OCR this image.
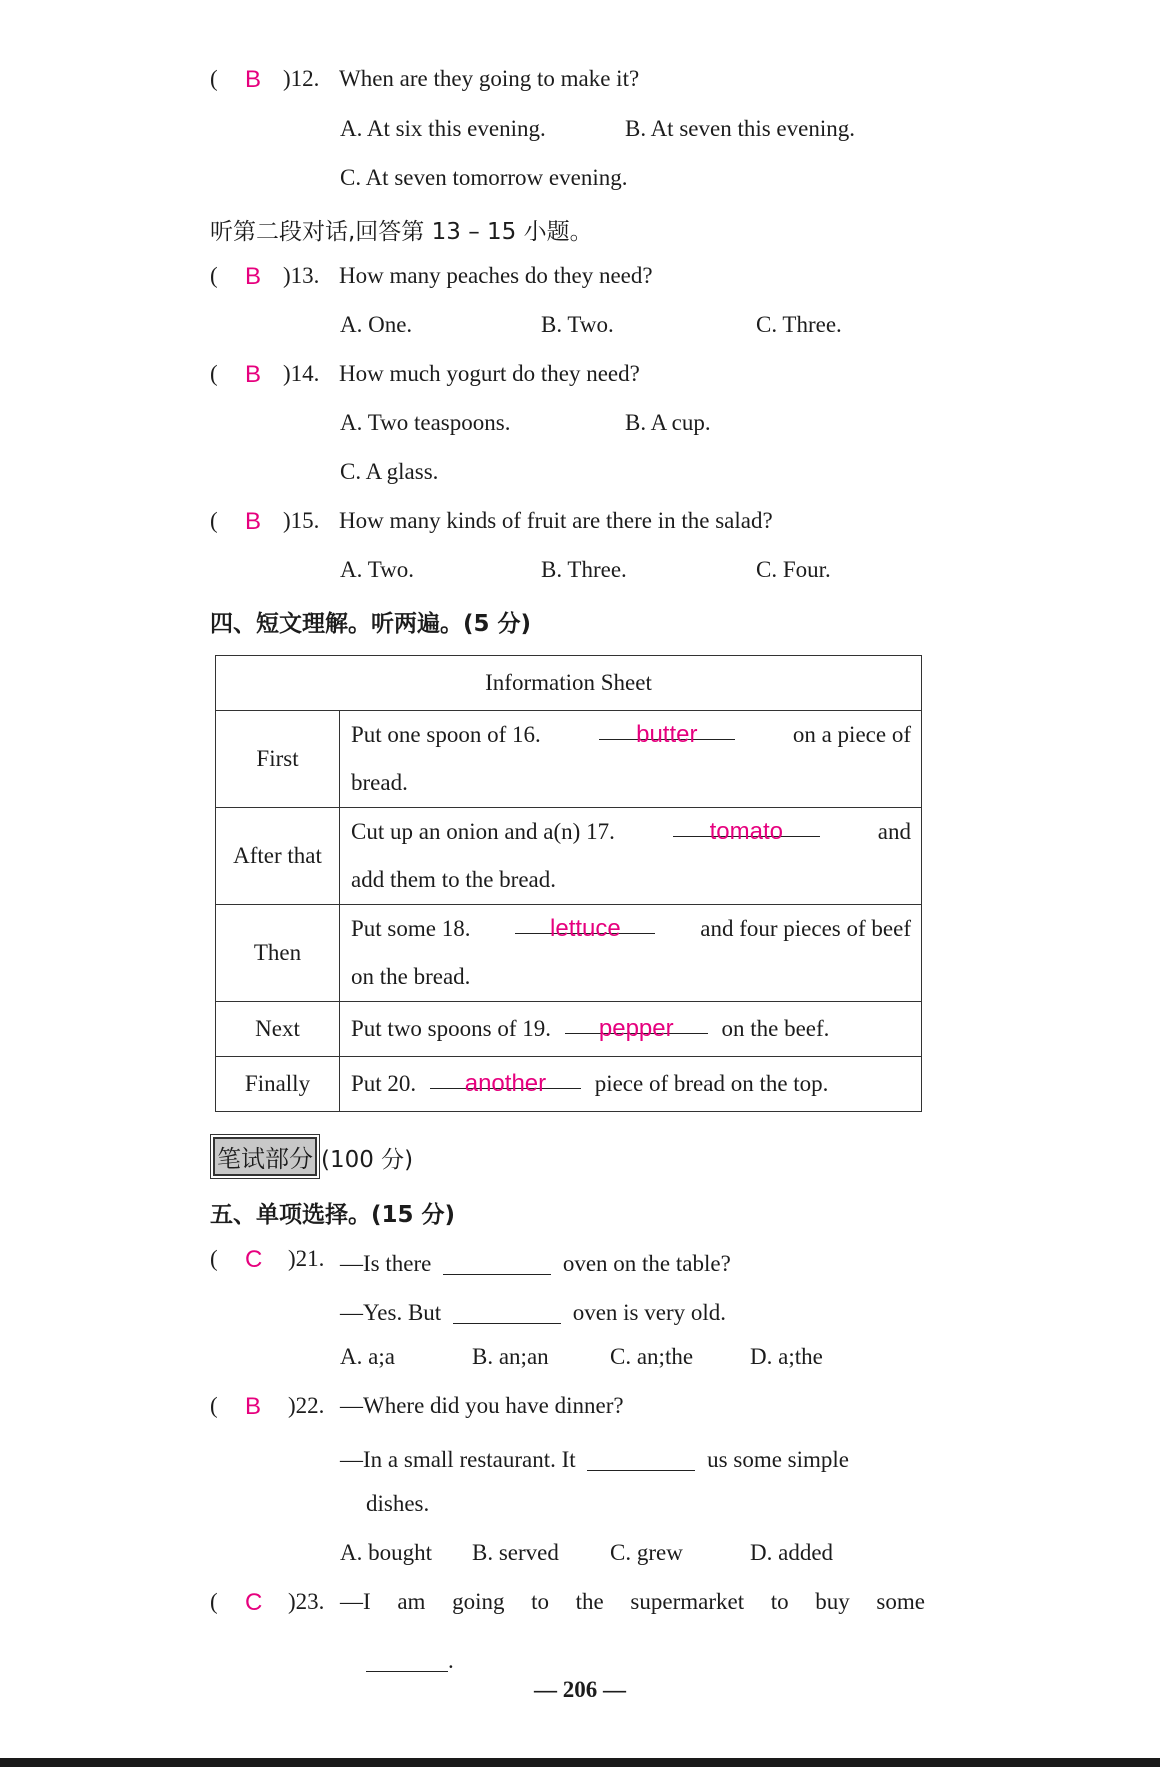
( B )12. When are they going to make it?
A. At six this evening.	B. At seven this evening.
C. At seven tomorrow evening.
听第二段对话,回答第 13 – 15 小题。
( B )13. How many peaches do they need?
A. One.	B. Two.	C. Three.
( B )14. How much yogurt do they need?
A. Two teaspoons.	B. A cup.
C. A glass.
( B )15. How many kinds of fruit are there in the salad?
A. Two.	B. Three.	C. Four.
四、短文理解。听两遍。(5 分)
Information Sheet	
First	Put one spoon of 16. butter on a piece of
bread.

After that	Cut up an onion and a(n) 17. tomato and
add them to the bread.

Then	Put some 18. lettuce and four pieces of beef
on the bread.

Next	Put two spoons of 19. pepper on the beef.
Finally	Put 20. another piece of bread on the top.
笔试部分 (100 分)
五、单项选择。(15 分)
( C )21. —Is there	oven on the table?
—Yes. But	oven is very old.
A. a;a	B. an;an	C. an;the D. a;the
( B )22. —Where did you have dinner?
—In a small restaurant. It	us some simple
dishes.
A. bought B. served C. grew	D. added
( C )23. —I am going to the supermarket to buy some
.
— 206 —
